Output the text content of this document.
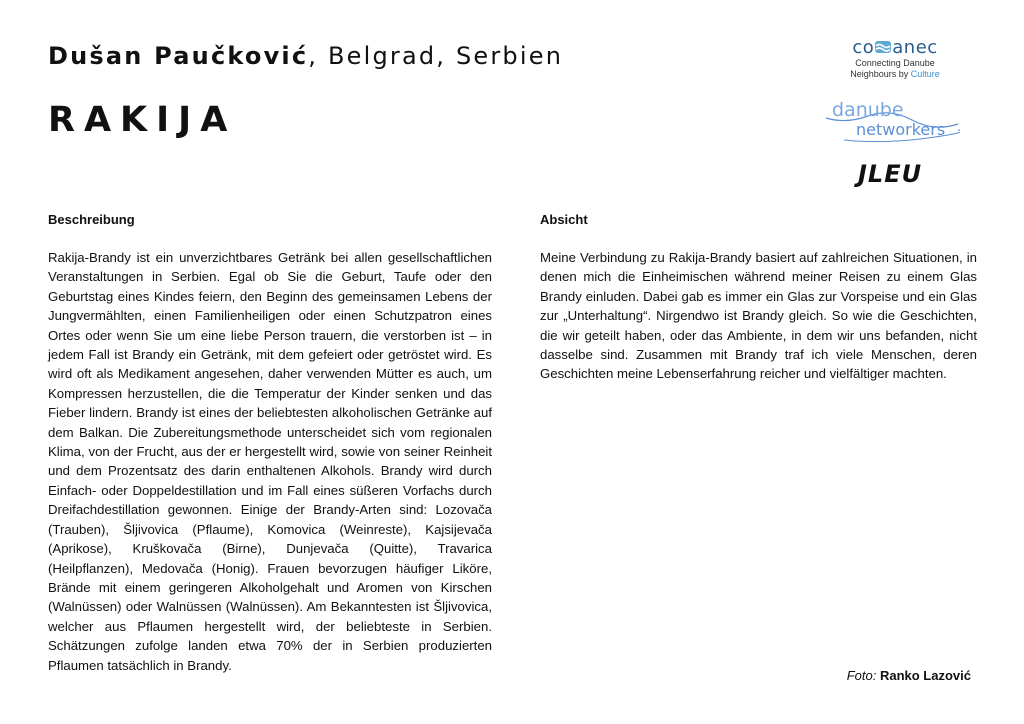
Dušan Paučković, Belgrad, Serbien
RAKIJA
co anec
Connecting Danube
Neighbours by Culture
danube
networkers
JLEU
Beschreibung
Rakija-Brandy ist ein unverzichtbares Getränk bei allen gesellschaftlichen Veranstaltungen in Serbien. Egal ob Sie die Geburt, Taufe oder den Geburtstag eines Kindes feiern, den Beginn des gemeinsamen Lebens der Jungvermählten, einen Familienheiligen oder einen Schutzpatron eines Ortes oder wenn Sie um eine liebe Person trauern, die verstorben ist – in jedem Fall ist Brandy ein Getränk, mit dem gefeiert oder getröstet wird. Es wird oft als Medikament angesehen, daher verwenden Mütter es auch, um Kompressen herzustellen, die die Temperatur der Kinder senken und das Fieber lindern. Brandy ist eines der beliebtesten alkoholischen Getränke auf dem Balkan. Die Zubereitungsmethode unterscheidet sich vom regionalen Klima, von der Frucht, aus der er hergestellt wird, sowie von seiner Reinheit und dem Prozentsatz des darin enthaltenen Alkohols. Brandy wird durch Einfach- oder Doppeldestillation und im Fall eines süßeren Vorfachs durch Dreifachdestillation gewonnen. Einige der Brandy-Arten sind: Lozovača (Trauben), Šljivovica (Pflaume), Komovica (Weinreste), Kajsijevača (Aprikose), Kruškovača (Birne), Dunjevača (Quitte), Travarica (Heilpflanzen), Medovača (Honig). Frauen bevorzugen häufiger Liköre, Brände mit einem geringeren Alkoholgehalt und Aromen von Kirschen (Walnüssen) oder Walnüssen (Walnüssen). Am Bekanntesten ist Šljivovica, welcher aus Pflaumen hergestellt wird, der beliebteste in Serbien. Schätzungen zufolge landen etwa 70% der in Serbien produzierten Pflaumen tatsächlich in Brandy.
Absicht
Meine Verbindung zu Rakija-Brandy basiert auf zahlreichen Situationen, in denen mich die Einheimischen während meiner Reisen zu einem Glas Brandy einluden. Dabei gab es immer ein Glas zur Vorspeise und ein Glas zur „Unterhaltung“. Nirgendwo ist Brandy gleich. So wie die Geschichten, die wir geteilt haben, oder das Ambiente, in dem wir uns befanden, nicht dasselbe sind. Zusammen mit Brandy traf ich viele Menschen, deren Geschichten meine Lebenserfahrung reicher und vielfältiger machten.
Foto: Ranko Lazović
